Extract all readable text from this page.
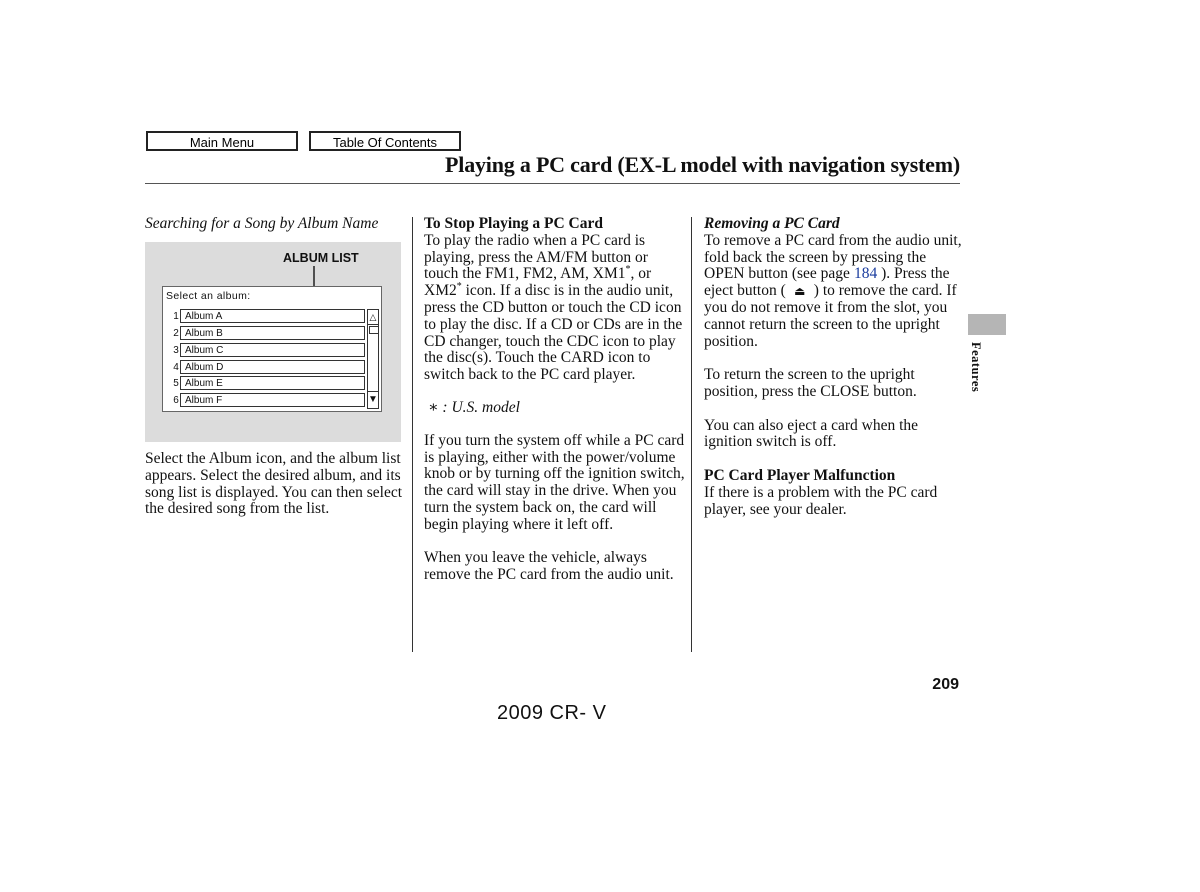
Main Menu	Table Of Contents
Playing a PC card (EX-L model with navigation system)

Searching for a Song by Album Name

ALBUM LIST
Select an album:
1 Album A
2 Album B
3 Album C
4 Album D
5 Album E
6 Album F
△
▼

Select the Album icon, and the album list appears. Select the desired album, and its song list is displayed. You can then select the desired song from the list.

To Stop Playing a PC Card

To play the radio when a PC card is playing, press the AM/FM button or touch the FM1, FM2, AM, XM1*, or XM2* icon. If a disc is in the audio unit, press the CD button or touch the CD icon to play the disc. If a CD or CDs are in the CD changer, touch the CDC icon to play the disc(s). Touch the CARD icon to switch back to the PC card player.

∗ : U.S. model

If you turn the system off while a PC card is playing, either with the power/volume knob or by turning off the ignition switch, the card will stay in the drive. When you turn the system back on, the card will begin playing where it left off.

When you leave the vehicle, always remove the PC card from the audio unit.

Removing a PC Card

To remove a PC card from the audio unit, fold back the screen by pressing the OPEN button (see page 184 ). Press the eject button ( ⏏ ) to remove the card. If you do not remove it from the slot, you cannot return the screen to the upright position.

To return the screen to the upright position, press the CLOSE button.

You can also eject a card when the ignition switch is off.

PC Card Player Malfunction

If there is a problem with the PC card player, see your dealer.

Features
209
2009 CR- V
